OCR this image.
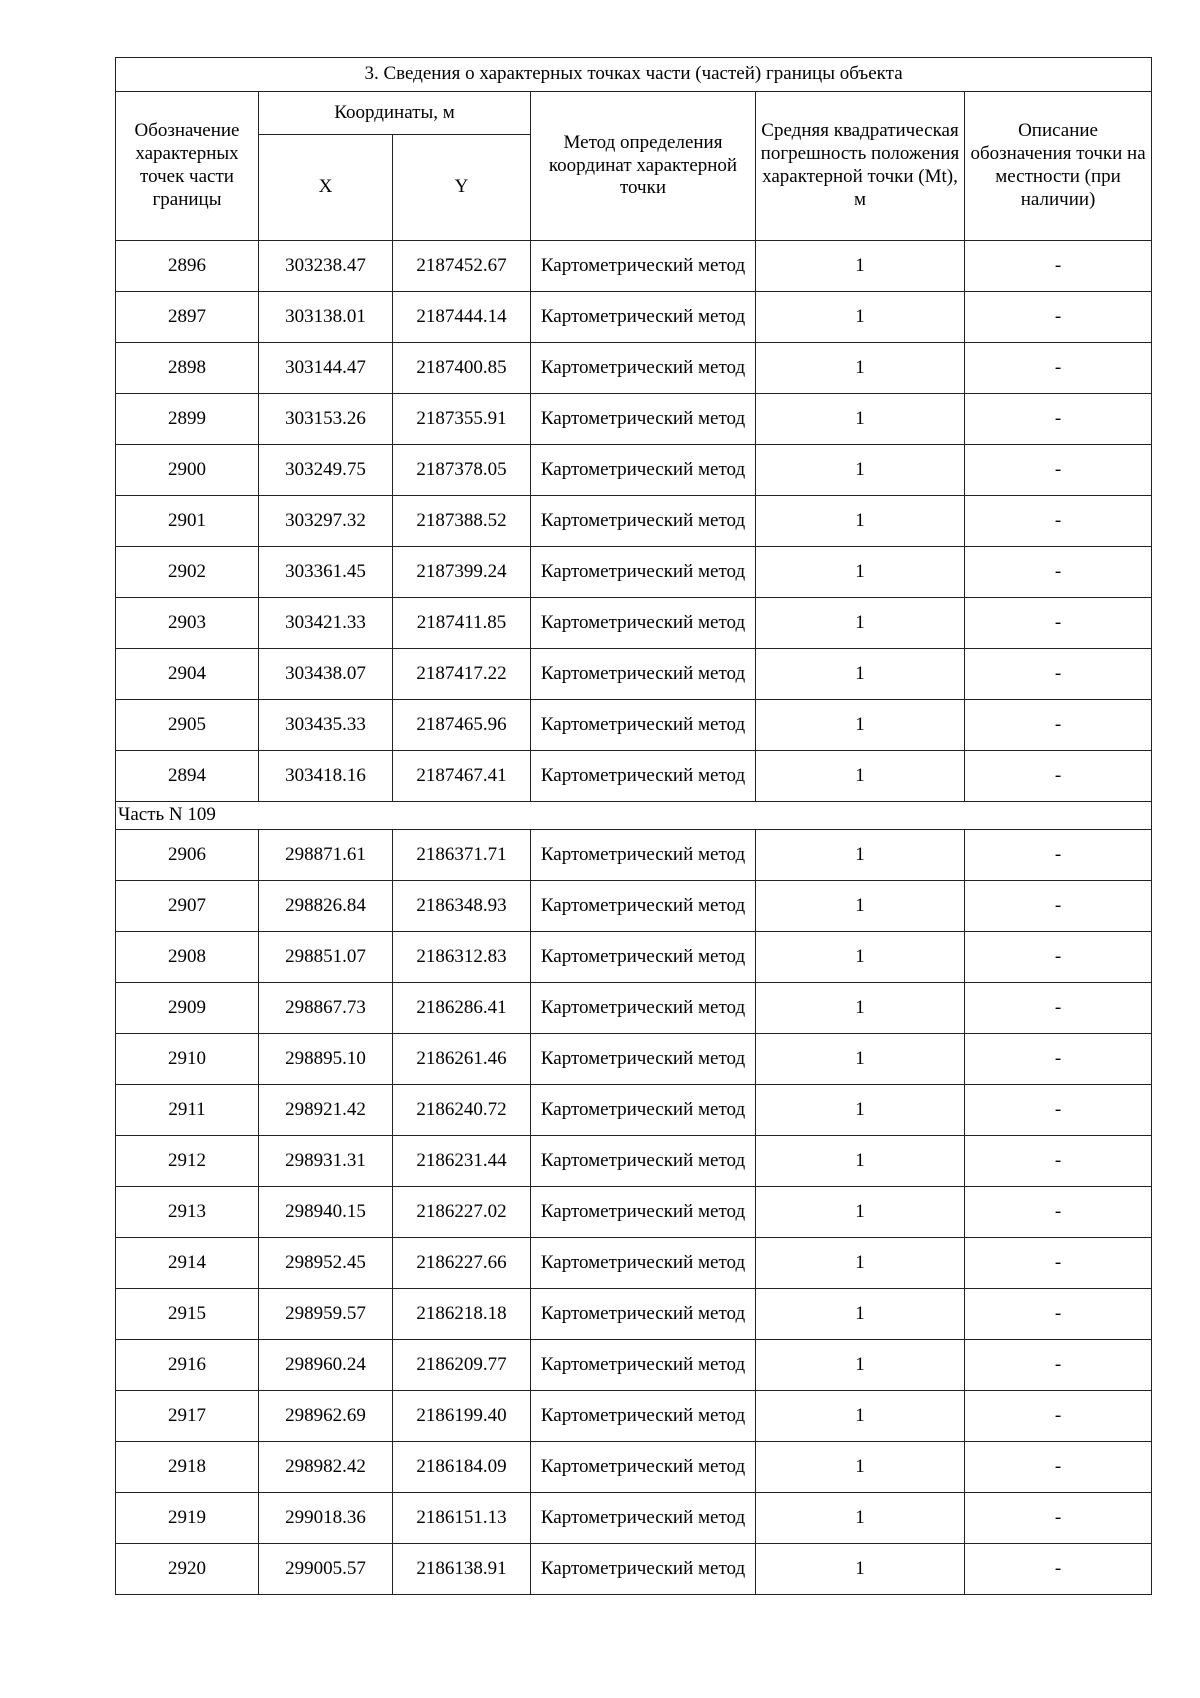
3. Сведения о характерных точках части (частей) границы объекта					
Обозначение характерных точек части границы	Координаты, м		Метод определения координат характерной точки	Средняя квадратическая погрешность положения характерной точки (Mt), м	Описание обозначения точки на местности (при наличии)
	X	Y			
2896	303238.47	2187452.67	Картометрический метод	1	-
2897	303138.01	2187444.14	Картометрический метод	1	-
2898	303144.47	2187400.85	Картометрический метод	1	-
2899	303153.26	2187355.91	Картометрический метод	1	-
2900	303249.75	2187378.05	Картометрический метод	1	-
2901	303297.32	2187388.52	Картометрический метод	1	-
2902	303361.45	2187399.24	Картометрический метод	1	-
2903	303421.33	2187411.85	Картометрический метод	1	-
2904	303438.07	2187417.22	Картометрический метод	1	-
2905	303435.33	2187465.96	Картометрический метод	1	-
2894	303418.16	2187467.41	Картометрический метод	1	-
Часть N 109					
2906	298871.61	2186371.71	Картометрический метод	1	-
2907	298826.84	2186348.93	Картометрический метод	1	-
2908	298851.07	2186312.83	Картометрический метод	1	-
2909	298867.73	2186286.41	Картометрический метод	1	-
2910	298895.10	2186261.46	Картометрический метод	1	-
2911	298921.42	2186240.72	Картометрический метод	1	-
2912	298931.31	2186231.44	Картометрический метод	1	-
2913	298940.15	2186227.02	Картометрический метод	1	-
2914	298952.45	2186227.66	Картометрический метод	1	-
2915	298959.57	2186218.18	Картометрический метод	1	-
2916	298960.24	2186209.77	Картометрический метод	1	-
2917	298962.69	2186199.40	Картометрический метод	1	-
2918	298982.42	2186184.09	Картометрический метод	1	-
2919	299018.36	2186151.13	Картометрический метод	1	-
2920	299005.57	2186138.91	Картометрический метод	1	-
